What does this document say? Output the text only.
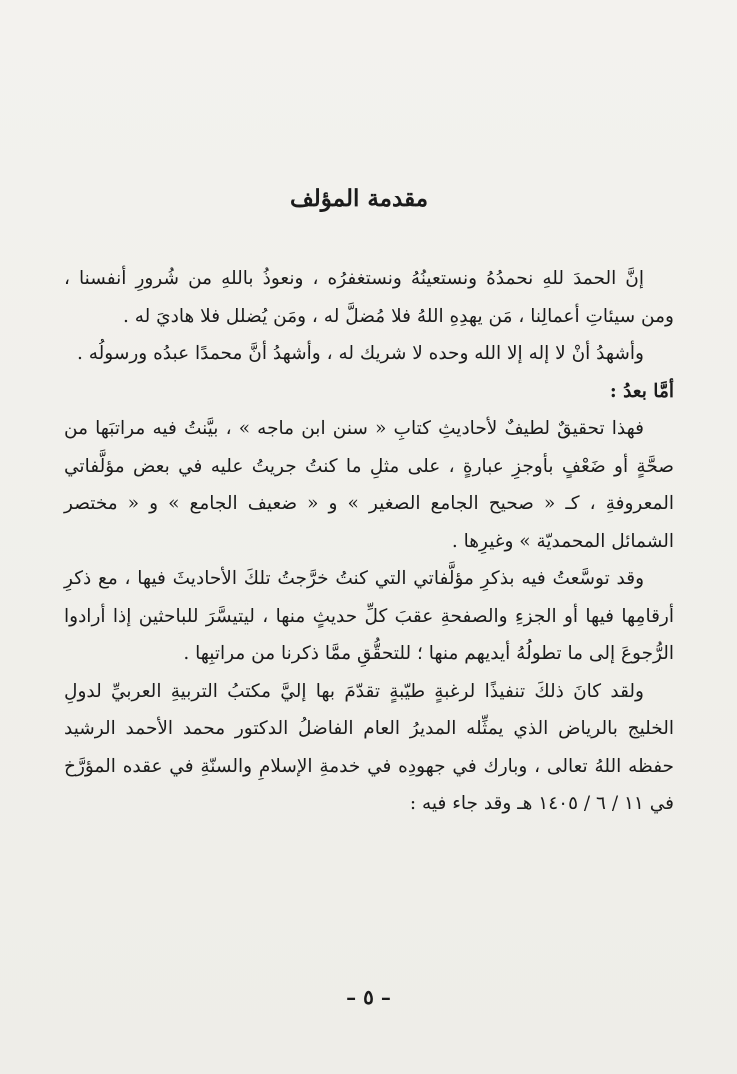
مقدمة المؤلف

إنَّ الحمدَ للهِ نحمدُهُ ونستعينُهُ ونستغفرُه ، ونعوذُ باللهِ من شُرورِ أنفسنا ، ومن سيئاتِ أعمالِنا ، مَن يهدِهِ اللهُ فلا مُضلَّ له ، ومَن يُضلل فلا هاديَ له .

وأشهدُ أنْ لا إله إلا الله وحده لا شريك له ، وأشهدُ أنَّ محمدًا عبدُه ورسولُه .

أمَّا بعدُ :

فهذا تحقيقٌ لطيفٌ لأحاديثِ كتابِ « سنن ابن ماجه » ، بيَّنتُ فيه مراتبَها من صحَّةٍ أو ضَعْفٍ بأوجزِ عبارةٍ ، على مثلِ ما كنتُ جريتُ عليه في بعض مؤلَّفاتي المعروفةِ ، كـ « صحيح الجامع الصغير » و « ضعيف الجامع » و « مختصر الشمائل المحمديّة » وغيرِها .

وقد توسَّعتُ فيه بذكرِ مؤلَّفاتي التي كنتُ خرَّجتُ تلكَ الأحاديثَ فيها ، مع ذكرِ أرقامِها فيها أو الجزءِ والصفحةِ عقبَ كلِّ حديثٍ منها ، ليتيسَّرَ للباحثين إذا أرادوا الرُّجوعَ إلى ما تطولُهُ أيديهم منها ؛ للتحقُّقِ ممَّا ذكرنا من مراتبِها .

ولقد كانَ ذلكَ تنفيذًا لرغبةٍ طيّبةٍ تقدّمَ بها إليَّ مكتبُ التربيةِ العربيِّ لدولِ الخليج بالرياض الذي يمثِّله المديرُ العام الفاضلُ الدكتور محمد الأحمد الرشيد حفظه اللهُ تعالى ، وبارك في جهودِه في خدمةِ الإسلامِ والسنّةِ في عقده المؤرَّخ في ١١ / ٦ / ١٤٠٥ هـ وقد جاء فيه :

– ٥ –
